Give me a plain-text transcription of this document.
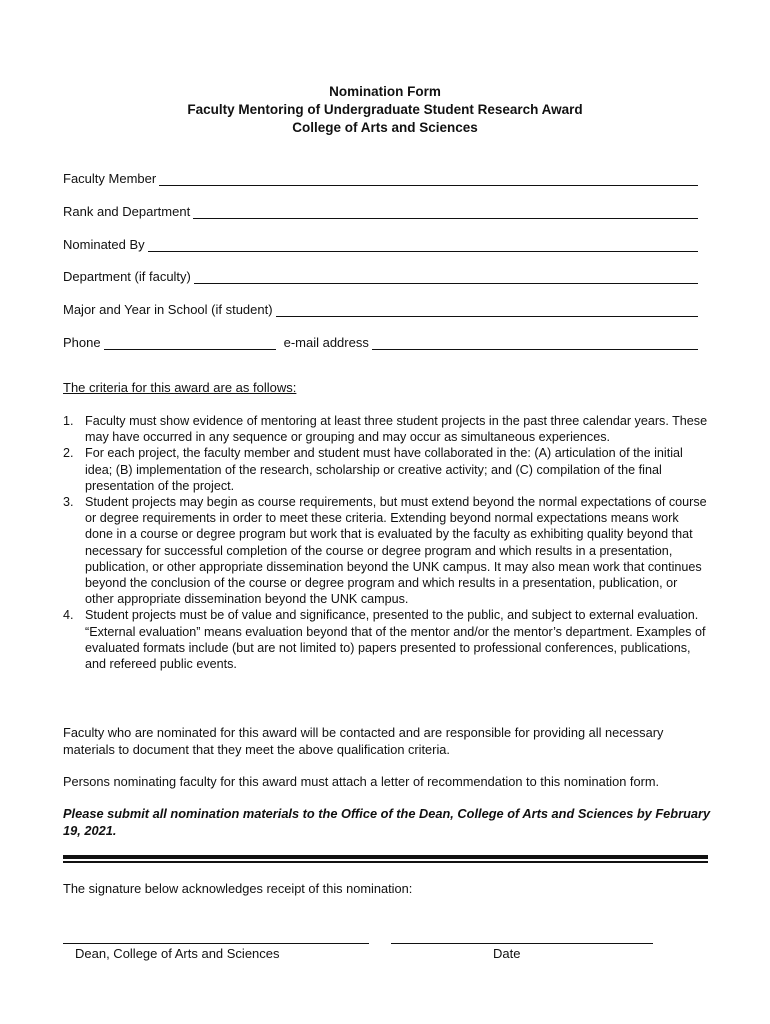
Nomination Form
Faculty Mentoring of Undergraduate Student Research Award
College of Arts and Sciences
Faculty Member
Rank and Department
Nominated By
Department (if faculty)
Major and Year in School (if student)
Phone	e-mail address
The criteria for this award are as follows:
1. Faculty must show evidence of mentoring at least three student projects in the past three calendar years. These may have occurred in any sequence or grouping and may occur as simultaneous experiences.
2. For each project, the faculty member and student must have collaborated in the: (A) articulation of the initial idea; (B) implementation of the research, scholarship or creative activity; and (C) compilation of the final presentation of the project.
3. Student projects may begin as course requirements, but must extend beyond the normal expectations of course or degree requirements in order to meet these criteria. Extending beyond normal expectations means work done in a course or degree program but work that is evaluated by the faculty as exhibiting quality beyond that necessary for successful completion of the course or degree program and which results in a presentation, publication, or other appropriate dissemination beyond the UNK campus. It may also mean work that continues beyond the conclusion of the course or degree program and which results in a presentation, publication, or other appropriate dissemination beyond the UNK campus.
4. Student projects must be of value and significance, presented to the public, and subject to external evaluation. “External evaluation” means evaluation beyond that of the mentor and/or the mentor’s department. Examples of evaluated formats include (but are not limited to) papers presented to professional conferences, publications, and refereed public events.
Faculty who are nominated for this award will be contacted and are responsible for providing all necessary materials to document that they meet the above qualification criteria.
Persons nominating faculty for this award must attach a letter of recommendation to this nomination form.
Please submit all nomination materials to the Office of the Dean, College of Arts and Sciences by February 19, 2021.
The signature below acknowledges receipt of this nomination:
Dean, College of Arts and Sciences	Date
